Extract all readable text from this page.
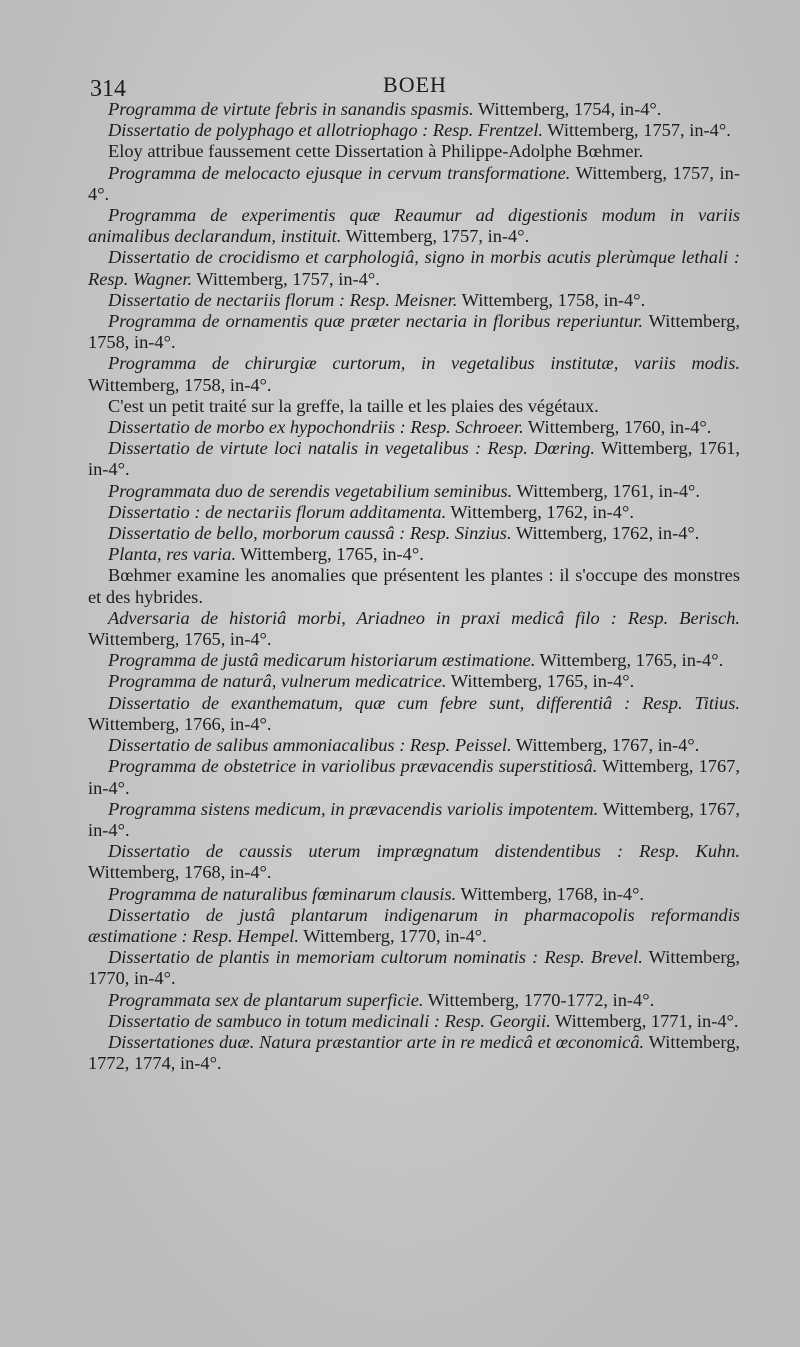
314	BOEH

Programma de virtute febris in sanandis spasmis. Wittemberg, 1754, in-4°.

Dissertatio de polyphago et allotriophago : Resp. Frentzel. Wittemberg, 1757, in-4°.

Eloy attribue faussement cette Dissertation à Philippe-Adolphe Bœhmer.

Programma de melocacto ejusque in cervum transformatione. Wittemberg, 1757, in-4°.

Programma de experimentis quæ Reaumur ad digestionis modum in variis animalibus declarandum, instituit. Wittemberg, 1757, in-4°.

Dissertatio de crocidismo et carphologiâ, signo in morbis acutis plerùmque lethali : Resp. Wagner. Wittemberg, 1757, in-4°.

Dissertatio de nectariis florum : Resp. Meisner. Wittemberg, 1758, in-4°.

Programma de ornamentis quæ præter nectaria in floribus reperiuntur. Wittemberg, 1758, in-4°.

Programma de chirurgiæ curtorum, in vegetalibus institutæ, variis modis. Wittemberg, 1758, in-4°.

C'est un petit traité sur la greffe, la taille et les plaies des végétaux.

Dissertatio de morbo ex hypochondriis : Resp. Schroeer. Wittemberg, 1760, in-4°.

Dissertatio de virtute loci natalis in vegetalibus : Resp. Dœring. Wittemberg, 1761, in-4°.

Programmata duo de serendis vegetabilium seminibus. Wittemberg, 1761, in-4°.

Dissertatio : de nectariis florum additamenta. Wittemberg, 1762, in-4°.

Dissertatio de bello, morborum caussâ : Resp. Sinzius. Wittemberg, 1762, in-4°.

Planta, res varia. Wittemberg, 1765, in-4°.

Bœhmer examine les anomalies que présentent les plantes : il s'occupe des monstres et des hybrides.

Adversaria de historiâ morbi, Ariadneo in praxi medicâ filo : Resp. Berisch. Wittemberg, 1765, in-4°.

Programma de justâ medicarum historiarum æstimatione. Wittemberg, 1765, in-4°.

Programma de naturâ, vulnerum medicatrice. Wittemberg, 1765, in-4°.

Dissertatio de exanthematum, quæ cum febre sunt, differentiâ : Resp. Titius. Wittemberg, 1766, in-4°.

Dissertatio de salibus ammoniacalibus : Resp. Peissel. Wittemberg, 1767, in-4°.

Programma de obstetrice in variolibus prævacendis superstitiosâ. Wittemberg, 1767, in-4°.

Programma sistens medicum, in prævacendis variolis impotentem. Wittemberg, 1767, in-4°.

Dissertatio de caussis uterum imprægnatum distendentibus : Resp. Kuhn. Wittemberg, 1768, in-4°.

Programma de naturalibus fœminarum clausis. Wittemberg, 1768, in-4°.

Dissertatio de justâ plantarum indigenarum in pharmacopolis reformandis æstimatione : Resp. Hempel. Wittemberg, 1770, in-4°.

Dissertatio de plantis in memoriam cultorum nominatis : Resp. Brevel. Wittemberg, 1770, in-4°.

Programmata sex de plantarum superficie. Wittemberg, 1770-1772, in-4°.

Dissertatio de sambuco in totum medicinali : Resp. Georgii. Wittemberg, 1771, in-4°.

Dissertationes duæ. Natura præstantior arte in re medicâ et œconomicâ. Wittemberg, 1772, 1774, in-4°.
